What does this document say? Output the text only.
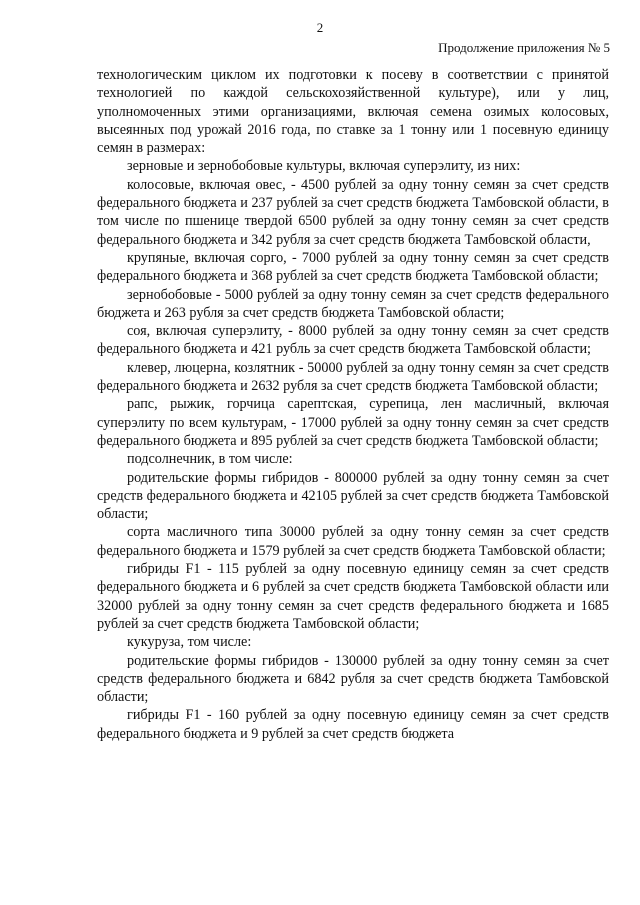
2
Продолжение приложения № 5

технологическим циклом их подготовки к посеву в соответствии с принятой технологией по каждой сельскохозяйственной культуре), или у лиц, уполномоченных этими организациями, включая семена озимых колосовых, высеянных под урожай 2016 года, по ставке за 1 тонну или 1 посевную единицу семян в размерах:

зерновые и зернобобовые культуры, включая суперэлиту, из них:

колосовые, включая овес, - 4500 рублей за одну тонну семян за счет средств федерального бюджета и 237 рублей за счет средств бюджета Тамбовской области, в том числе по пшенице твердой 6500 рублей за одну тонну семян за счет средств федерального бюджета и 342 рубля за счет средств бюджета Тамбовской области,

крупяные, включая сорго, - 7000 рублей за одну тонну семян за счет средств федерального бюджета и 368 рублей за счет средств бюджета Тамбовской области;

зернобобовые - 5000 рублей за одну тонну семян за счет средств федерального бюджета и 263 рубля за счет средств бюджета Тамбовской области;

соя, включая суперэлиту, - 8000 рублей за одну тонну семян за счет средств федерального бюджета и 421 рубль за счет средств бюджета Тамбовской области;

клевер, люцерна, козлятник - 50000 рублей за одну тонну семян за счет средств федерального бюджета и 2632 рубля за счет средств бюджета Тамбовской области;

рапс, рыжик, горчица сарептская, сурепица, лен масличный, включая суперэлиту по всем культурам, - 17000 рублей за одну тонну семян за счет средств федерального бюджета и 895 рублей за счет средств бюджета Тамбовской области;

подсолнечник, в том числе:

родительские формы гибридов - 800000 рублей за одну тонну семян за счет средств федерального бюджета и 42105 рублей за счет средств бюджета Тамбовской области;

сорта масличного типа 30000 рублей за одну тонну семян за счет средств федерального бюджета и 1579 рублей за счет средств бюджета Тамбовской области;

гибриды F1 - 115 рублей за одну посевную единицу семян за счет средств федерального бюджета и 6 рублей за счет средств бюджета Тамбовской области или 32000 рублей за одну тонну семян за счет средств федерального бюджета и 1685 рублей за счет средств бюджета Тамбовской области;

кукуруза, том числе:

родительские формы гибридов - 130000 рублей за одну тонну семян за счет средств федерального бюджета и 6842 рубля за счет средств бюджета Тамбовской области;

гибриды F1 - 160 рублей за одну посевную единицу семян за счет средств федерального бюджета и 9 рублей за счет средств бюджета
